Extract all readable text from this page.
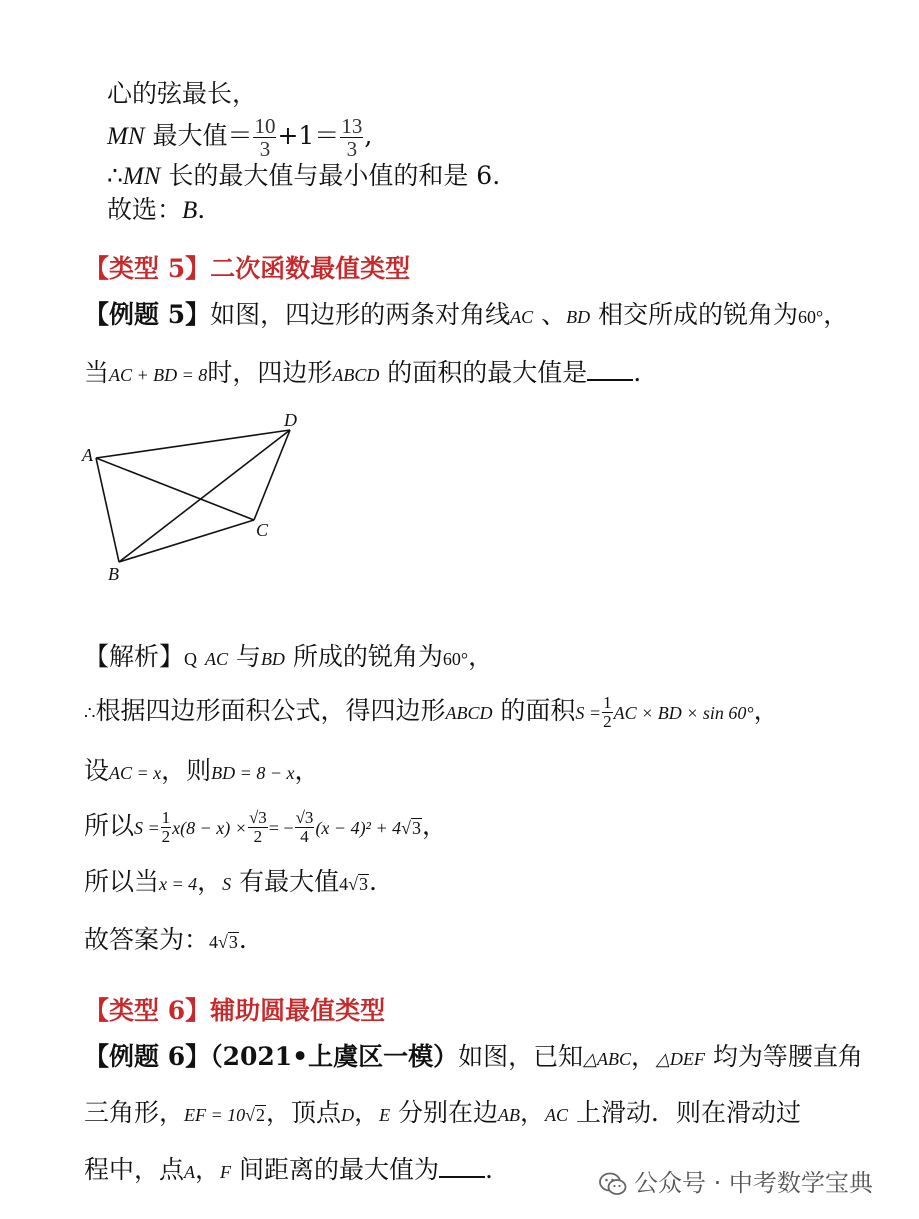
心的弦最长，
MN 最大值＝ $\frac{10}{3} +1= \frac{13}{3}$ ,
∴MN 长的最大值与最小值的和是 6.
故选：B.
【类型 5】二次函数最值类型
【例题 5】如图，四边形的两条对角线AC 、BD 相交所成的锐角为60°，
当AC + BD = 8时，四边形ABCD 的面积的最大值是 .
A
D
C
B
【解析】Q AC 与BD 所成的锐角为60°，
∴根据四边形面积公式，得四边形ABCD 的面积$S = \frac{1}{2}$ AC × BD × sin 60°，
设AC = x，则BD = 8 − x，
所以$S = \frac{1}{2} x(8 - x) \times \frac{√3}{2}$ = − $\frac{√3}{4} (x - 4)^2 + 4√3$，
所以当x = 4，S 有最大值4√3.
故答案为：4√3.
【类型 6】辅助圆最值类型
【例题 6】（2021•上虞区一模）如图，已知△ABC，△DEF 均为等腰直角
三角形，EF = 10√2，顶点D，E 分别在边AB，AC 上滑动．则在滑动过
程中，点A，F 间距离的最大值为 .	公众号 · 中考数学宝典
